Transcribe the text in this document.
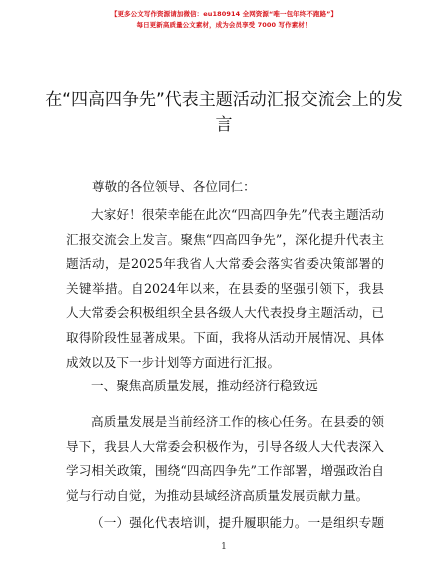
【更多公文写作资源请加微信：eu180914 全网资源“唯一包年终不跑路”】
每日更新高质量公文素材，成为会员享受 7000 写作素材！
在“四高四争先”代表主题活动汇报交流会上的发言
尊敬的各位领导、各位同仁：

大家好！很荣幸能在此次“四高四争先”代表主题活动汇报交流会上发言。聚焦“四高四争先”，深化提升代表主题活动，是2025年我省人大常委会落实省委决策部署的关键举措。自2024年以来，在县委的坚强引领下，我县人大常委会积极组织全县各级人大代表投身主题活动，已取得阶段性显著成果。下面，我将从活动开展情况、具体成效以及下一步计划等方面进行汇报。

一、聚焦高质量发展，推动经济行稳致远

高质量发展是当前经济工作的核心任务。在县委的领导下，我县人大常委会积极作为，引导各级人大代表深入学习相关政策，围绕“四高四争先”工作部署，增强政治自觉与行动自觉，为推动县域经济高质量发展贡献力量。

（一）强化代表培训，提升履职能力。一是组织专题

1
